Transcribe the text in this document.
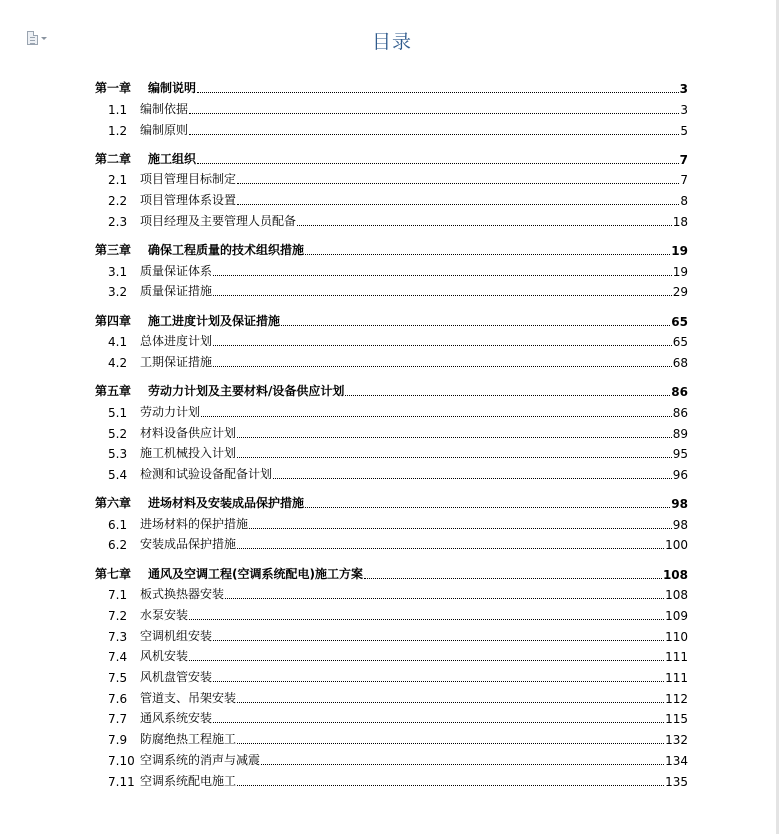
目录
第一章	编制说明	3
1.1	编制依据	3
1.2	编制原则	5
第二章	施工组织	7
2.1	项目管理目标制定	7
2.2	项目管理体系设置	8
2.3	项目经理及主要管理人员配备	18
第三章	确保工程质量的技术组织措施	19
3.1	质量保证体系	19
3.2	质量保证措施	29
第四章	施工进度计划及保证措施	65
4.1	总体进度计划	65
4.2	工期保证措施	68
第五章	劳动力计划及主要材料/设备供应计划	86
5.1	劳动力计划	86
5.2	材料设备供应计划	89
5.3	施工机械投入计划	95
5.4	检测和试验设备配备计划	96
第六章	进场材料及安装成品保护措施	98
6.1	进场材料的保护措施	98
6.2	安装成品保护措施	100
第七章	通风及空调工程(空调系统配电)施工方案	108
7.1	板式换热器安装	108
7.2	水泵安装	109
7.3	空调机组安装	110
7.4	风机安装	111
7.5	风机盘管安装	111
7.6	管道支、吊架安装	112
7.7	通风系统安装	115
7.9	防腐绝热工程施工	132
7.10 空调系统的消声与减震	134
7.11 空调系统配电施工	135
